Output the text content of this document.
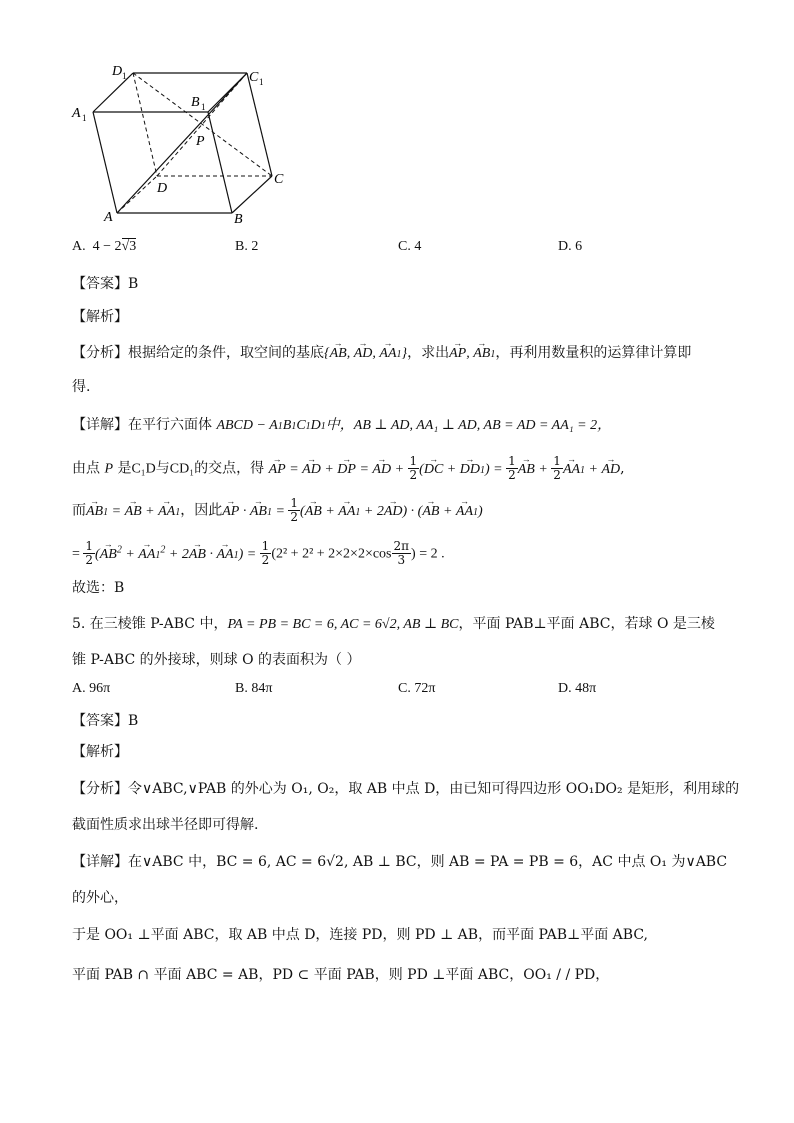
D 1	C 1
A 1
B 1
P
D
C
A	B
A. 4 − 2√3	B. 2	C. 4	D. 6
【答案】B
【解析】
【分析】根据给定的条件，取空间的基底{→ AB, → AD, → AA1}，求出→ AP, → AB1，再利用数量积的运算律计算即
得.
【详解】在平行六面体 ABCD − A1B1C1D1中，AB ⊥ AD, AA₁ ⊥ AD, AB = AD = AA₁ = 2，
由点 P 是C₁D与CD₁的交点，得 → AP = → AD + → DP = → AD + $\frac{1}{2}$ (→ DC + → $DD1) = \frac{1}{2}$
→ AB + $\frac{1}{2}$
→ AA1 + → AD,
而→ AB1 = → AB + → AA1，因此→ AP · → $AB1 = \frac{1}{2}$ (→ AB + → AA1 + 2→ AD) · (→ AB + → AA1)
= $\frac{1}{2}$ (→ $AB^2$ + → $AA1^2 + 2\to$ AB · → $AA1) = \frac{1}{2} (2^2 + 2^2 + 2\times 2\times 2\times\cos \frac{2\pi}{3}$ ) = 2 .
故选：B
5. 在三棱锥 P-ABC 中，PA = PB = BC = 6, AC = 6√2, AB ⊥ BC，平面 PAB⊥平面 ABC，若球 O 是三棱
锥 P-ABC 的外接球，则球 O 的表面积为（ ）
A. 96π	B. 84π	C. 72π	D. 48π
【答案】B
【解析】
【分析】令∨ABC,∨PAB 的外心为 O₁, O₂，取 AB 中点 D，由已知可得四边形 OO₁DO₂ 是矩形，利用球的
截面性质求出球半径即可得解.
【详解】在∨ABC 中，BC = 6, AC = 6√2, AB ⊥ BC，则 AB = PA = PB = 6，AC 中点 O₁ 为∨ABC
的外心，
于是 OO₁ ⊥平面 ABC，取 AB 中点 D，连接 PD，则 PD ⊥ AB，而平面 PAB⊥平面 ABC,
平面 PAB ∩ 平面 ABC = AB，PD ⊂ 平面 PAB，则 PD ⊥平面 ABC，OO₁ / / PD，
